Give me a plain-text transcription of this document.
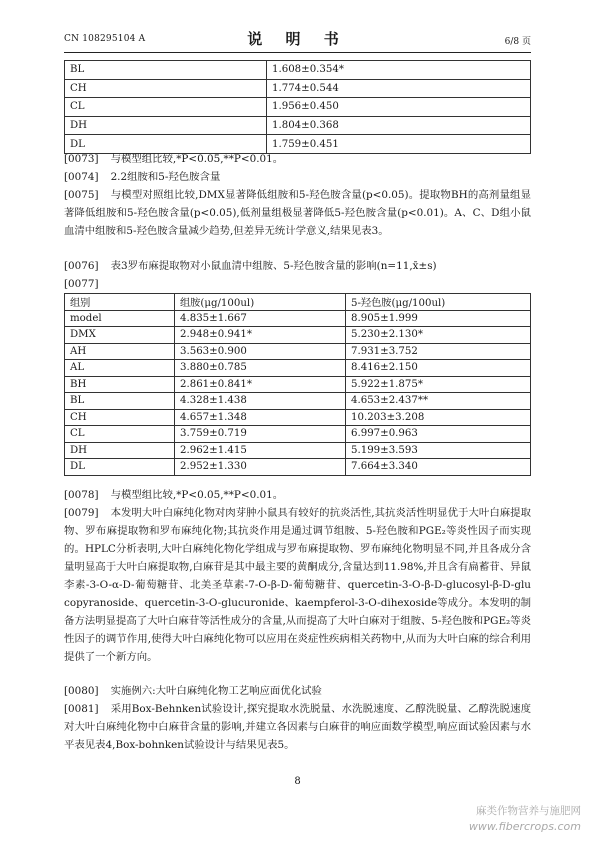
CN 108295104 A	说 明 书	6/8 页
BL	1.608±0.354*
CH	1.774±0.544
CL	1.956±0.450
DH	1.804±0.368
DL	1.759±0.451
[0073] 与模型组比较,*P<0.05,**P<0.01。
[0074] 2.2组胺和5-羟色胺含量
[0075] 与模型对照组比较,DMX显著降低组胺和5-羟色胺含量(p<0.05)。提取物BH的高剂量组显著降低组胺和5-羟色胺含量(p<0.05),低剂量组极显著降低5-羟色胺含量(p<0.01)。A、C、D组小鼠血清中组胺和5-羟色胺含量减少趋势,但差异无统计学意义,结果见表3。
[0076] 表3罗布麻提取物对小鼠血清中组胺、5-羟色胺含量的影响(n=11,x̄±s)
[0077]
组别	组胺(μg/100ul)	5-羟色胺(μg/100ul)
model	4.835±1.667	8.905±1.999
DMX	2.948±0.941*	5.230±2.130*
AH	3.563±0.900	7.931±3.752
AL	3.880±0.785	8.416±2.150
BH	2.861±0.841*	5.922±1.875*
BL	4.328±1.438	4.653±2.437**
CH	4.657±1.348	10.203±3.208
CL	3.759±0.719	6.997±0.963
DH	2.962±1.415	5.199±3.593
DL	2.952±1.330	7.664±3.340
[0078] 与模型组比较,*P<0.05,**P<0.01。
[0079] 本发明大叶白麻纯化物对肉芽肿小鼠具有较好的抗炎活性,其抗炎活性明显优于大叶白麻提取物、罗布麻提取物和罗布麻纯化物;其抗炎作用是通过调节组胺、5-羟色胺和PGE₂等炎性因子而实现的。HPLC分析表明,大叶白麻纯化物化学组成与罗布麻提取物、罗布麻纯化物明显不同,并且各成分含量明显高于大叶白麻提取物,白麻苷是其中最主要的黄酮成分,含量达到11.98%,并且含有扁蓄苷、异鼠李素-3-O-α-D-葡萄糖苷、北美圣草素-7-O-β-D-葡萄糖苷、quercetin-3-O-β-D-glucosyl-β-D-glu copyranoside、quercetin-3-O-glucuronide、kaempferol-3-O-dihexoside等成分。本发明的制备方法明显提高了大叶白麻苷等活性成分的含量,从而提高了大叶白麻对于组胺、5-羟色胺和PGE₂等炎性因子的调节作用,使得大叶白麻纯化物可以应用在炎症性疾病相关药物中,从而为大叶白麻的综合利用提供了一个新方向。
[0080] 实施例六:大叶白麻纯化物工艺响应面优化试验
[0081] 采用Box-Behnken试验设计,探究提取水洗脱量、水洗脱速度、乙醇洗脱量、乙醇洗脱速度对大叶白麻纯化物中白麻苷含量的影响,并建立各因素与白麻苷的响应面数学模型,响应面试验因素与水平表见表4,Box-bohnken试验设计与结果见表5。
8
麻类作物营养与施肥网
www.fibercrops.com
